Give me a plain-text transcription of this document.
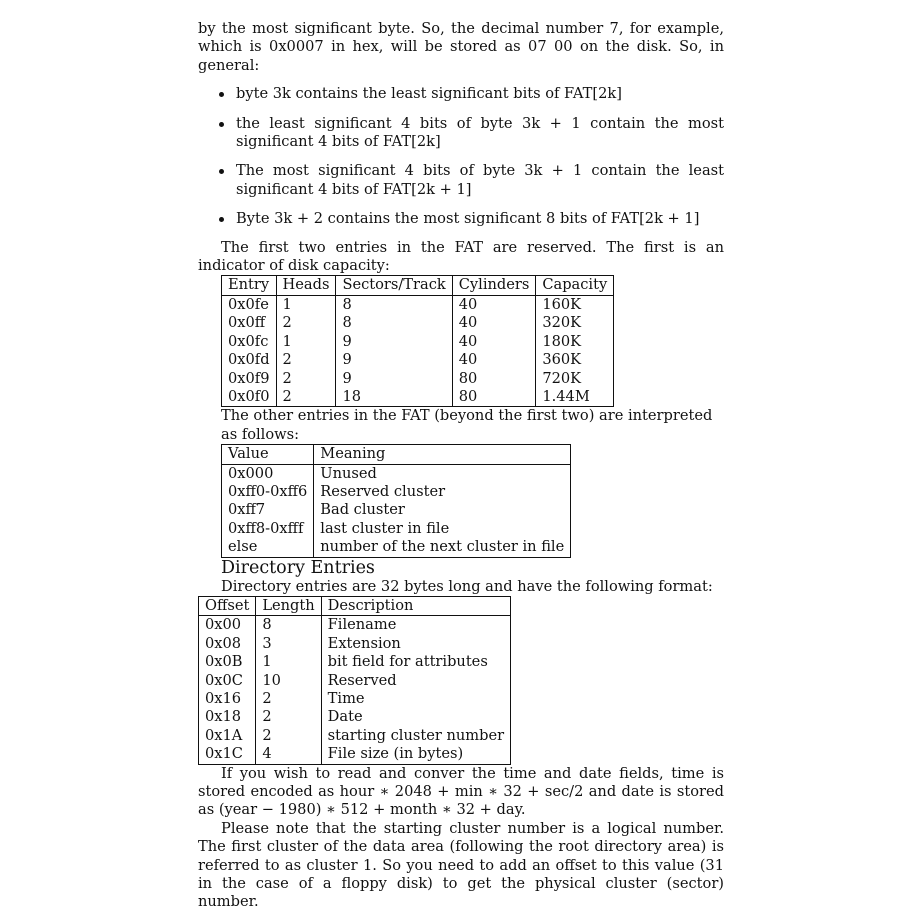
by the most significant byte. So, the decimal number 7, for example, which is 0x0007 in hex, will be stored as 07 00 on the disk. So, in general:

byte 3k contains the least significant bits of FAT[2k]
the least significant 4 bits of byte 3k + 1 contain the most significant 4 bits of FAT[2k]
The most significant 4 bits of byte 3k + 1 contain the least significant 4 bits of FAT[2k + 1]
Byte 3k + 2 contains the most significant 8 bits of FAT[2k + 1]

The first two entries in the FAT are reserved. The first is an indicator of disk capacity:

Entry	Heads	Sectors/Track	Cylinders	Capacity
0x0fe	1	8	40	160K
0x0ff	2	8	40	320K
0x0fc	1	9	40	180K
0x0fd	2	9	40	360K
0x0f9	2	9	80	720K
0x0f0	2	18	80	1.44M

The other entries in the FAT (beyond the first two) are interpreted as follows:

Value	Meaning
0x000	Unused
0xff0-0xff6	Reserved cluster
0xff7	Bad cluster
0xff8-0xfff	last cluster in file
else	number of the next cluster in file
Directory Entries

Directory entries are 32 bytes long and have the following format:

Offset	Length	Description
0x00	8	Filename
0x08	3	Extension
0x0B	1	bit field for attributes
0x0C	10	Reserved
0x16	2	Time
0x18	2	Date
0x1A	2	starting cluster number
0x1C	4	File size (in bytes)

If you wish to read and conver the time and date fields, time is stored encoded as hour ∗ 2048 + min ∗ 32 + sec/2 and date is stored as (year − 1980) ∗ 512 + month ∗ 32 + day.

Please note that the starting cluster number is a logical number. The first cluster of the data area (following the root directory area) is referred to as cluster 1. So you need to add an offset to this value (31 in the case of a floppy disk) to get the physical cluster (sector) number.
